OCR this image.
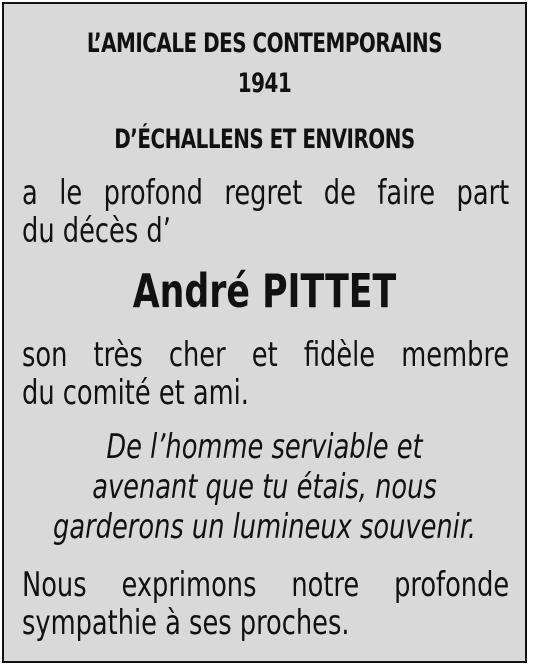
L’AMICALE DES CONTEMPORAINS
1941
D’ÉCHALLENS ET ENVIRONS
a le profond regret de faire part
du décès d’
André PITTET
son très cher et fidèle membre
du comité et ami.
De l’homme serviable et
avenant que tu étais, nous
garderons un lumineux souvenir.
Nous exprimons notre profonde
sympathie à ses proches.
